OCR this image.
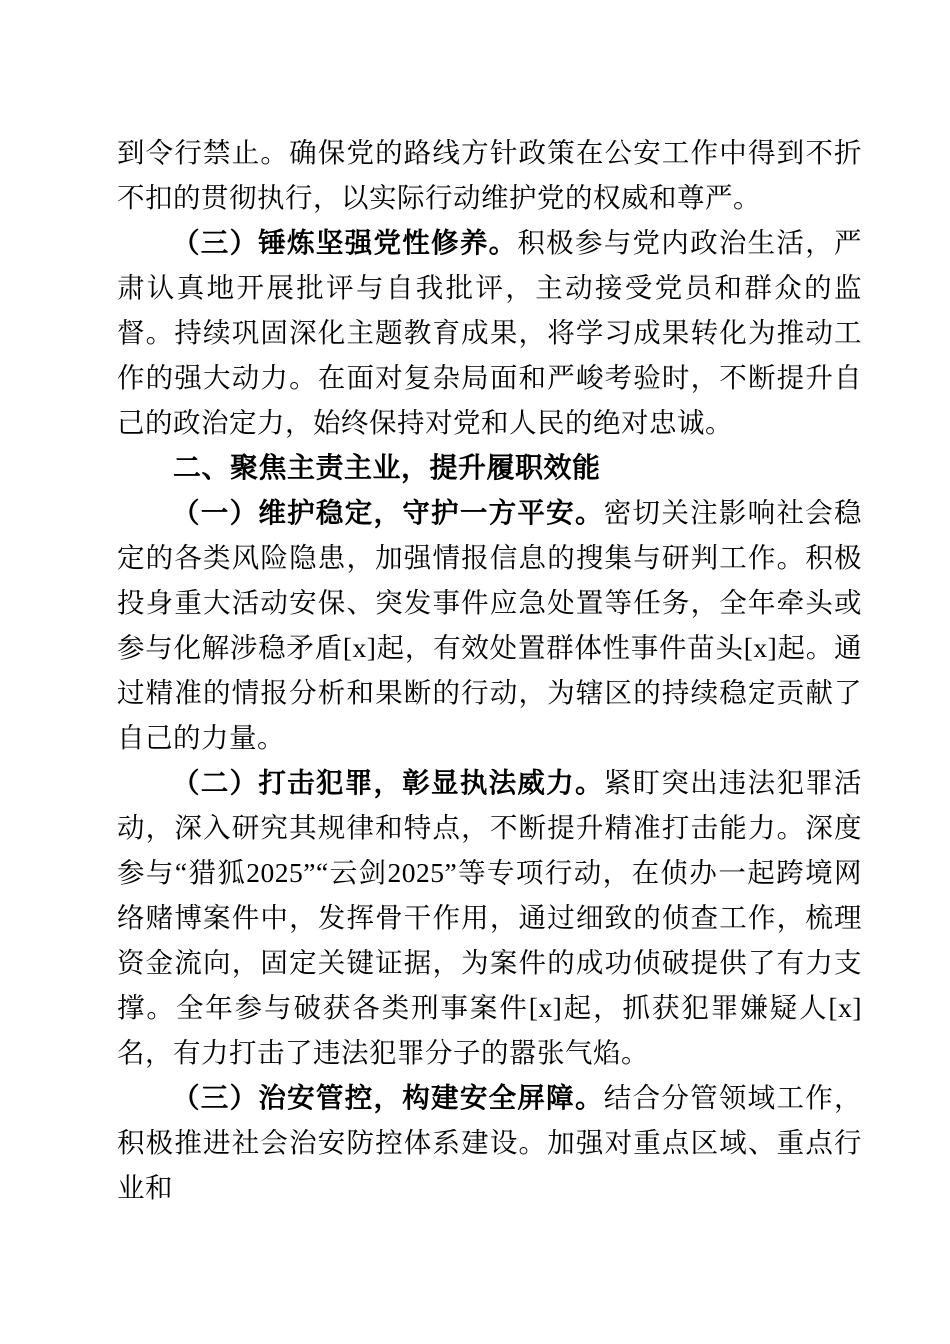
到令行禁止。确保党的路线方针政策在公安工作中得到不折不扣的贯彻执行，以实际行动维护党的权威和尊严。

（三）锤炼坚强党性修养。积极参与党内政治生活，严肃认真地开展批评与自我批评，主动接受党员和群众的监督。持续巩固深化主题教育成果，将学习成果转化为推动工作的强大动力。在面对复杂局面和严峻考验时，不断提升自己的政治定力，始终保持对党和人民的绝对忠诚。

二、聚焦主责主业，提升履职效能

（一）维护稳定，守护一方平安。密切关注影响社会稳定的各类风险隐患，加强情报信息的搜集与研判工作。积极投身重大活动安保、突发事件应急处置等任务，全年牵头或参与化解涉稳矛盾[x]起，有效处置群体性事件苗头[x]起。通过精准的情报分析和果断的行动，为辖区的持续稳定贡献了自己的力量。

（二）打击犯罪，彰显执法威力。紧盯突出违法犯罪活动，深入研究其规律和特点，不断提升精准打击能力。深度参与“猎狐2025”“云剑2025”等专项行动，在侦办一起跨境网络赌博案件中，发挥骨干作用，通过细致的侦查工作，梳理资金流向，固定关键证据，为案件的成功侦破提供了有力支撑。全年参与破获各类刑事案件[x]起，抓获犯罪嫌疑人[x]名，有力打击了违法犯罪分子的嚣张气焰。

（三）治安管控，构建安全屏障。结合分管领域工作，积极推进社会治安防控体系建设。加强对重点区域、重点行业和
